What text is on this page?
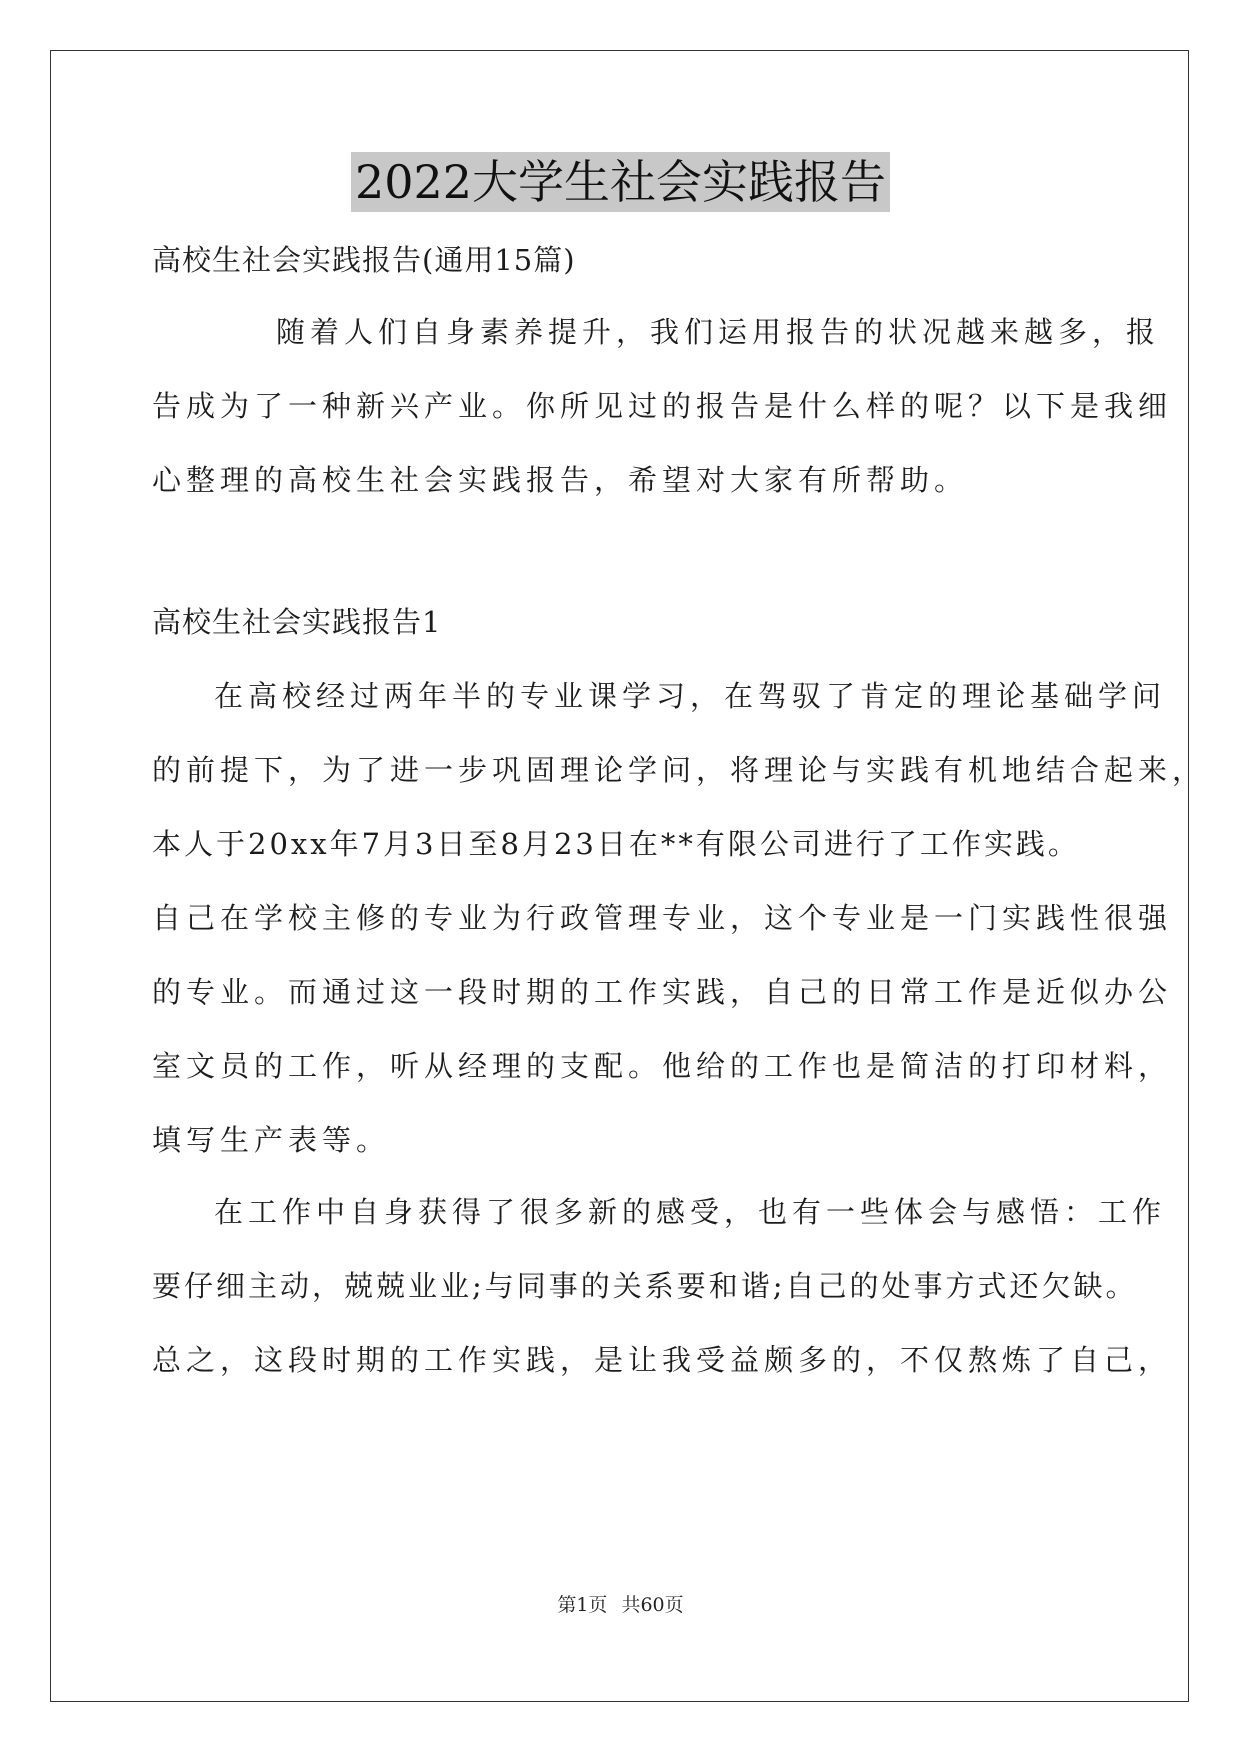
2022大学生社会实践报告
高校生社会实践报告(通用15篇)
随着人们自身素养提升，我们运用报告的状况越来越多，报
告成为了一种新兴产业。你所见过的报告是什么样的呢？以下是我细
心整理的高校生社会实践报告，希望对大家有所帮助。
高校生社会实践报告1
在高校经过两年半的专业课学习，在驾驭了肯定的理论基础学问
的前提下，为了进一步巩固理论学问，将理论与实践有机地结合起来，
本人于20xx年7月3日至8月23日在**有限公司进行了工作实践。
自己在学校主修的专业为行政管理专业，这个专业是一门实践性很强
的专业。而通过这一段时期的工作实践，自己的日常工作是近似办公
室文员的工作，听从经理的支配。他给的工作也是简洁的打印材料，
填写生产表等。
在工作中自身获得了很多新的感受，也有一些体会与感悟：工作
要仔细主动，兢兢业业;与同事的关系要和谐;自己的处事方式还欠缺。
总之，这段时期的工作实践，是让我受益颇多的，不仅熬炼了自己，
第1页 共60页
